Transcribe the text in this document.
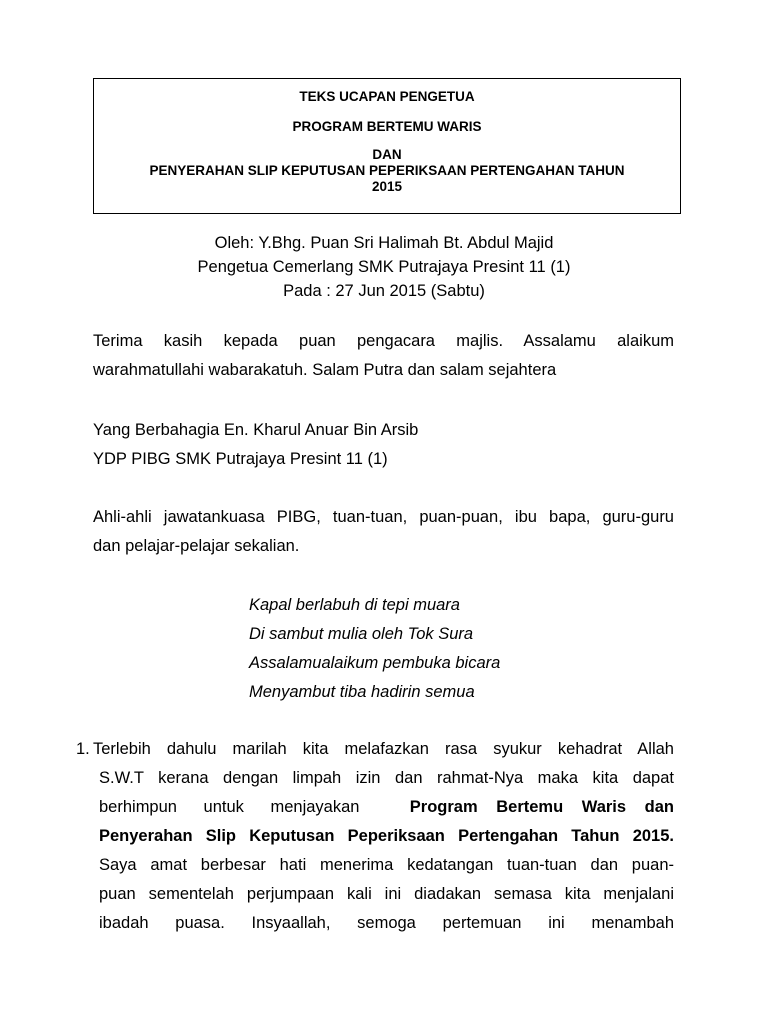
TEKS UCAPAN PENGETUA
PROGRAM BERTEMU WARIS
DAN
PENYERAHAN SLIP KEPUTUSAN PEPERIKSAAN PERTENGAHAN TAHUN
2015
Oleh: Y.Bhg. Puan Sri Halimah Bt. Abdul Majid
Pengetua Cemerlang SMK Putrajaya Presint 11 (1)
Pada : 27 Jun 2015 (Sabtu)
Terima kasih kepada puan pengacara majlis. Assalamu alaikum
warahmatullahi wabarakatuh. Salam Putra dan salam sejahtera
Yang Berbahagia En. Kharul Anuar Bin Arsib
YDP PIBG SMK Putrajaya Presint 11 (1)
Ahli-ahli jawatankuasa PIBG, tuan-tuan, puan-puan, ibu bapa, guru-guru
dan pelajar-pelajar sekalian.
Kapal berlabuh di tepi muara
Di sambut mulia oleh Tok Sura
Assalamualaikum pembuka bicara
Menyambut tiba hadirin semua
1. Terlebih dahulu marilah kita melafazkan rasa syukur kehadrat Allah
S.W.T kerana dengan limpah izin dan rahmat-Nya maka kita dapat
berhimpun untuk menjayakan	Program Bertemu Waris dan
Penyerahan Slip Keputusan Peperiksaan Pertengahan Tahun 2015.
Saya amat berbesar hati menerima kedatangan tuan-tuan dan puan-
puan sementelah perjumpaan kali ini diadakan semasa kita menjalani
ibadah puasa. Insyaallah, semoga pertemuan ini menambah
